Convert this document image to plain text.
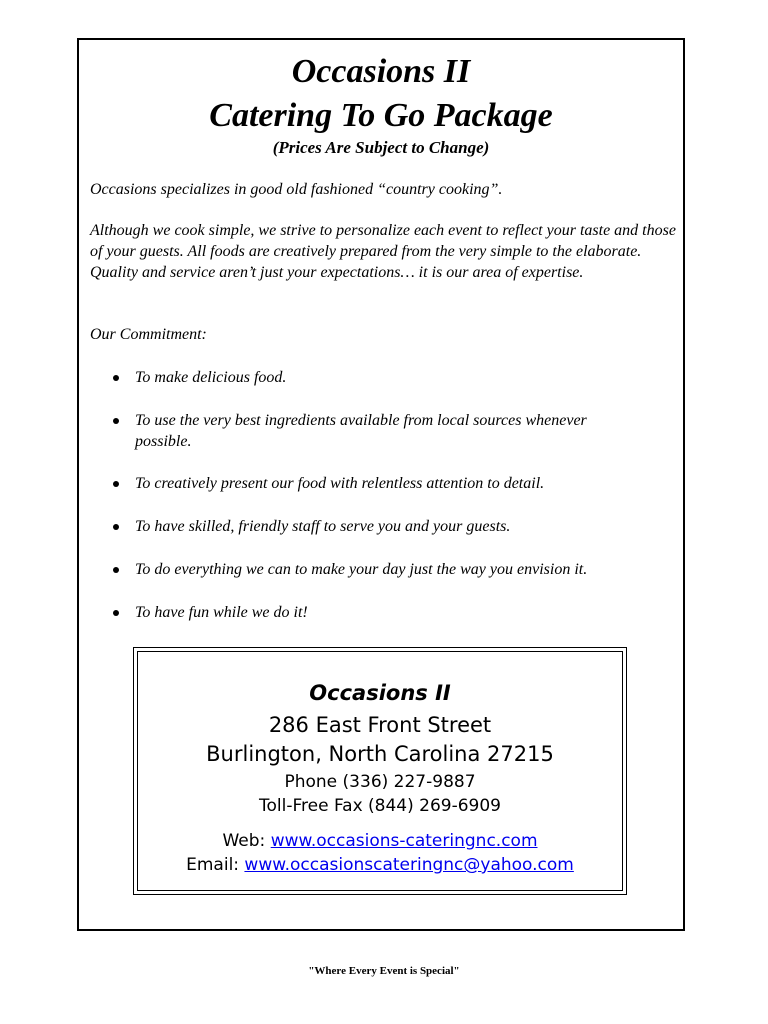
Occasions II
Catering To Go Package
(Prices Are Subject to Change)

Occasions specializes in good old fashioned “country cooking”.

Although we cook simple, we strive to personalize each event to reflect your taste and those of your guests. All foods are creatively prepared from the very simple to the elaborate. Quality and service aren’t just your expectations… it is our area of expertise.

Our Commitment:

To make delicious food.
To use the very best ingredients available from local sources whenever possible.
To creatively present our food with relentless attention to detail.
To have skilled, friendly staff to serve you and your guests.
To do everything we can to make your day just the way you envision it.
To have fun while we do it!
Occasions II
286 East Front Street
Burlington, North Carolina 27215
Phone (336) 227-9887
Toll-Free Fax (844) 269-6909
Web: www.occasions-cateringnc.com
Email: www.occasionscateringnc@yahoo.com
"Where Every Event is Special"
